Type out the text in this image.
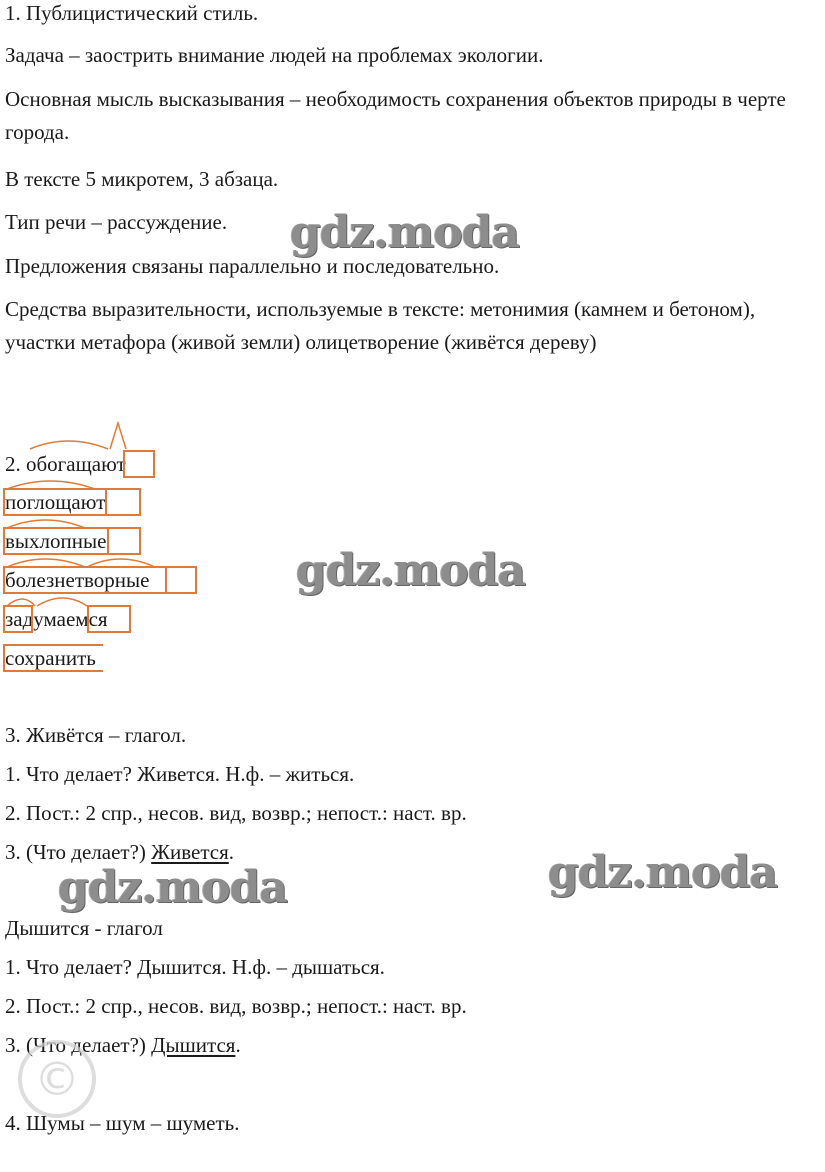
1. Публицистический стиль.
Задача – заострить внимание людей на проблемах экологии.
Основная мысль высказывания – необходимость сохранения объектов природы в черте города.
В тексте 5 микротем, 3 абзаца.
Тип речи – рассуждение.
Предложения связаны параллельно и последовательно.
Средства выразительности, используемые в тексте: метонимия (камнем и бетоном), участки метафора (живой земли) олицетворение (живётся дереву)
2. обогащают
поглощают
выхлопные
болезнетворные
задумаемся
сохранить
3. Живётся – глагол.
1. Что делает? Живется. Н.ф. – житься.
2. Пост.: 2 спр., несов. вид, возвр.; непост.: наст. вр.
3. (Что делает?) Живется.
Дышится - глагол
1. Что делает? Дышится. Н.ф. – дышаться.
2. Пост.: 2 спр., несов. вид, возвр.; непост.: наст. вр.
3. (Что делает?) Дышится.
4. Шумы – шум – шуметь.
gdz.moda
gdz.moda
gdz.moda	gdz.moda
©
